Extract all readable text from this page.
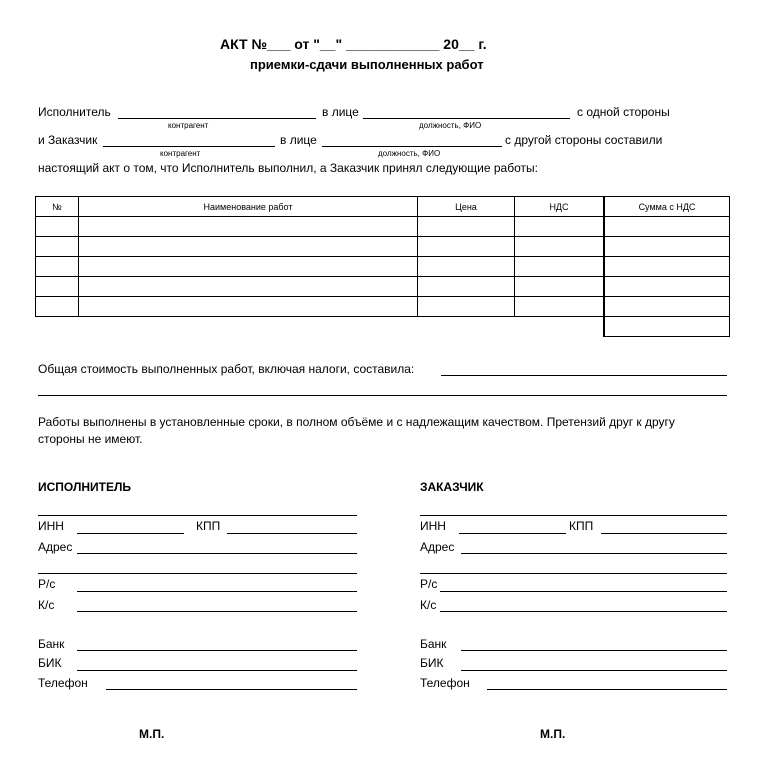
АКТ №___ от "__" ____________ 20__ г.
приемки-сдачи выполненных работ
Исполнитель	в лице	с одной стороны
контрагент	должность, ФИО
и Заказчик	в лице	с другой стороны составили
контрагент	должность, ФИО
настоящий акт о том, что Исполнитель выполнил, а Заказчик принял следующие работы:
№	Наименование работ	Цена	НДС	Сумма с НДС

Общая стоимость выполненных работ, включая налоги, составила:
Работы выполнены в установленные сроки, в полном объёме и с надлежащим качеством. Претензий друг к другу
стороны не имеют.
ИСПОЛНИТЕЛЬ
ИНН	КПП
Адрес
Р/с
К/с
Банк
БИК
Телефон
М.П.
ЗАКАЗЧИК
ИНН	КПП
Адрес
Р/с
К/с
Банк
БИК
Телефон
М.П.
